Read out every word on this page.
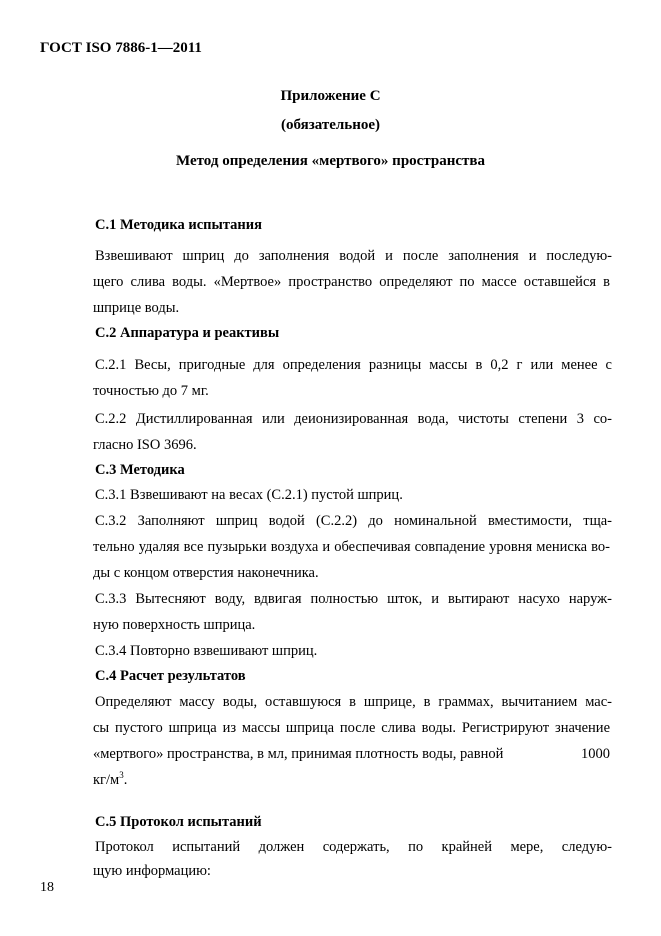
ГОСТ ISO 7886-1—2011
Приложение С
(обязательное)
Метод определения «мертвого» пространства
С.1 Методика испытания
Взвешивают шприц до заполнения водой и после заполнения и последую-
щего слива воды. «Мертвое» пространство определяют по массе оставшейся в
шприце воды.
С.2 Аппаратура и реактивы
С.2.1 Весы, пригодные для определения разницы массы в 0,2 г или менее с
точностью до 7 мг.
С.2.2 Дистиллированная или деионизированная вода, чистоты степени 3 со-
гласно ISO 3696.
С.3 Методика
С.3.1 Взвешивают на весах (С.2.1) пустой шприц.
С.3.2 Заполняют шприц водой (С.2.2) до номинальной вместимости, тща-
тельно удаляя все пузырьки воздуха и обеспечивая совпадение уровня мениска во-
ды с концом отверстия наконечника.
С.3.3 Вытесняют воду, вдвигая полностью шток, и вытирают насухо наруж-
ную поверхность шприца.
С.3.4 Повторно взвешивают шприц.
С.4 Расчет результатов
Определяют массу воды, оставшуюся в шприце, в граммах, вычитанием мас-
сы пустого шприца из массы шприца после слива воды. Регистрируют значение
«мертвого» пространства, в мл, принимая плотность воды, равной	1000
$кг/м^3$.
С.5 Протокол испытаний
Протокол испытаний должен содержать, по крайней мере, следую-
щую информацию:
18
